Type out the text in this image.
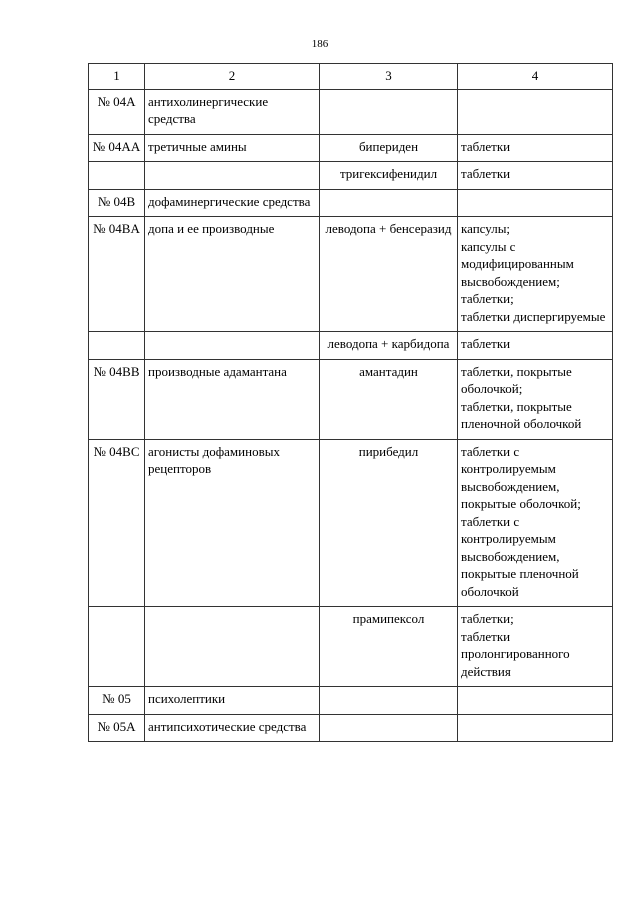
186
1	2	3	4
№ 04A	антихолинергические средства		
№ 04AA	третичные амины	бипериден	таблетки

		тригексифенидил	таблетки

№ 04B	дофаминергические средства		
№ 04BA	допа и ее производные	леводопа + бенсеразид	капсулы;
капсулы с модифицированным высвобождением;
таблетки;
таблетки диспергируемые

		леводопа + карбидопа	таблетки

№ 04BB	производные адамантана	амантадин	таблетки, покрытые оболочкой;
таблетки, покрытые пленочной оболочкой

№ 04BC	агонисты дофаминовых рецепторов	пирибедил	таблетки с контролируемым высвобождением, покрытые оболочкой;
таблетки с контролируемым высвобождением, покрытые пленочной оболочкой

		прамипексол	таблетки;
таблетки пролонгированного действия

№ 05	психолептики		
№ 05A	антипсихотические средства		
